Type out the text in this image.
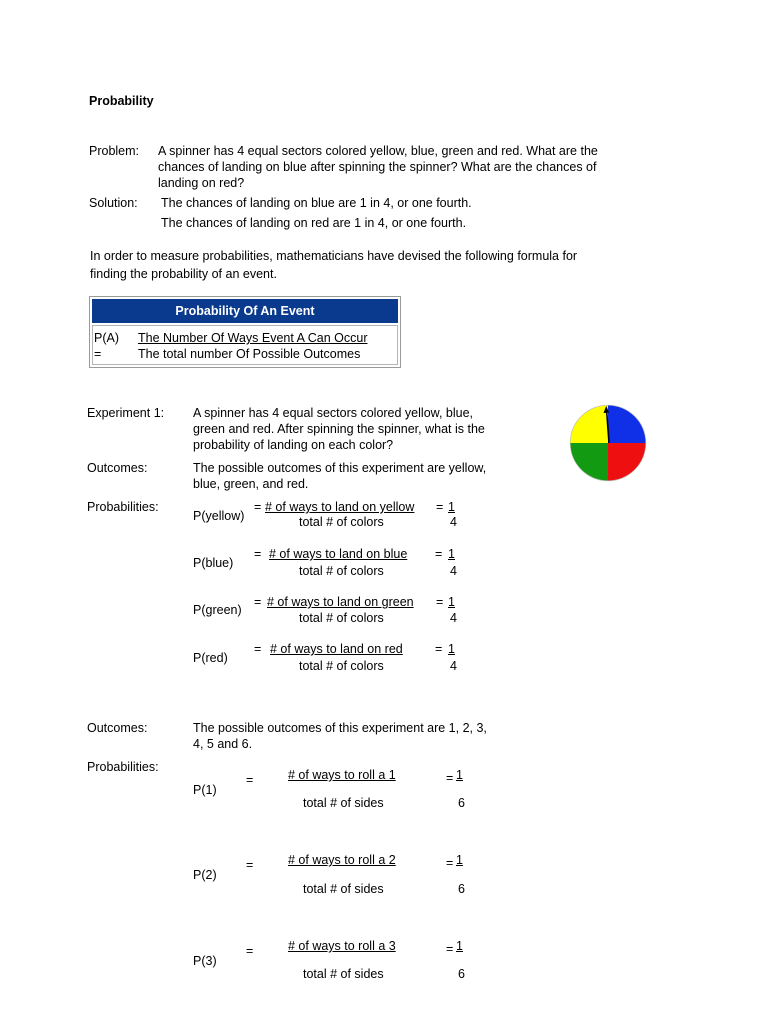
Probability
Problem: A spinner has 4 equal sectors colored yellow, blue, green and red. What are the
chances of landing on blue after spinning the spinner? What are the chances of
landing on red?
Solution: The chances of landing on blue are 1 in 4, or one fourth.
The chances of landing on red are 1 in 4, or one fourth.
In order to measure probabilities, mathematicians have devised the following formula for
finding the probability of an event.
Probability Of An Event
P(A)
=
The Number Of Ways Event A Can Occur
The total number Of Possible Outcomes
Experiment 1: A spinner has 4 equal sectors colored yellow, blue,
green and red. After spinning the spinner, what is the
probability of landing on each color?
Outcomes:	The possible outcomes of this experiment are yellow,
blue, green, and red.
Probabilities:
P(yellow)
= # of ways to land on yellow
total # of colors
= 1
4
P(blue)
= # of ways to land on blue
total # of colors
= 1
4
P(green)
= # of ways to land on green
total # of colors
= 1
4
P(red)
= # of ways to land on red
total # of colors
= 1
4
Outcomes:	The possible outcomes of this experiment are 1, 2, 3,
4, 5 and 6.
Probabilities:
P(1)
=	# of ways to roll a 1
total # of sides
= 1
6
P(2)
=	# of ways to roll a 2
total # of sides
= 1
6
P(3)
=	# of ways to roll a 3
total # of sides
= 1
6
